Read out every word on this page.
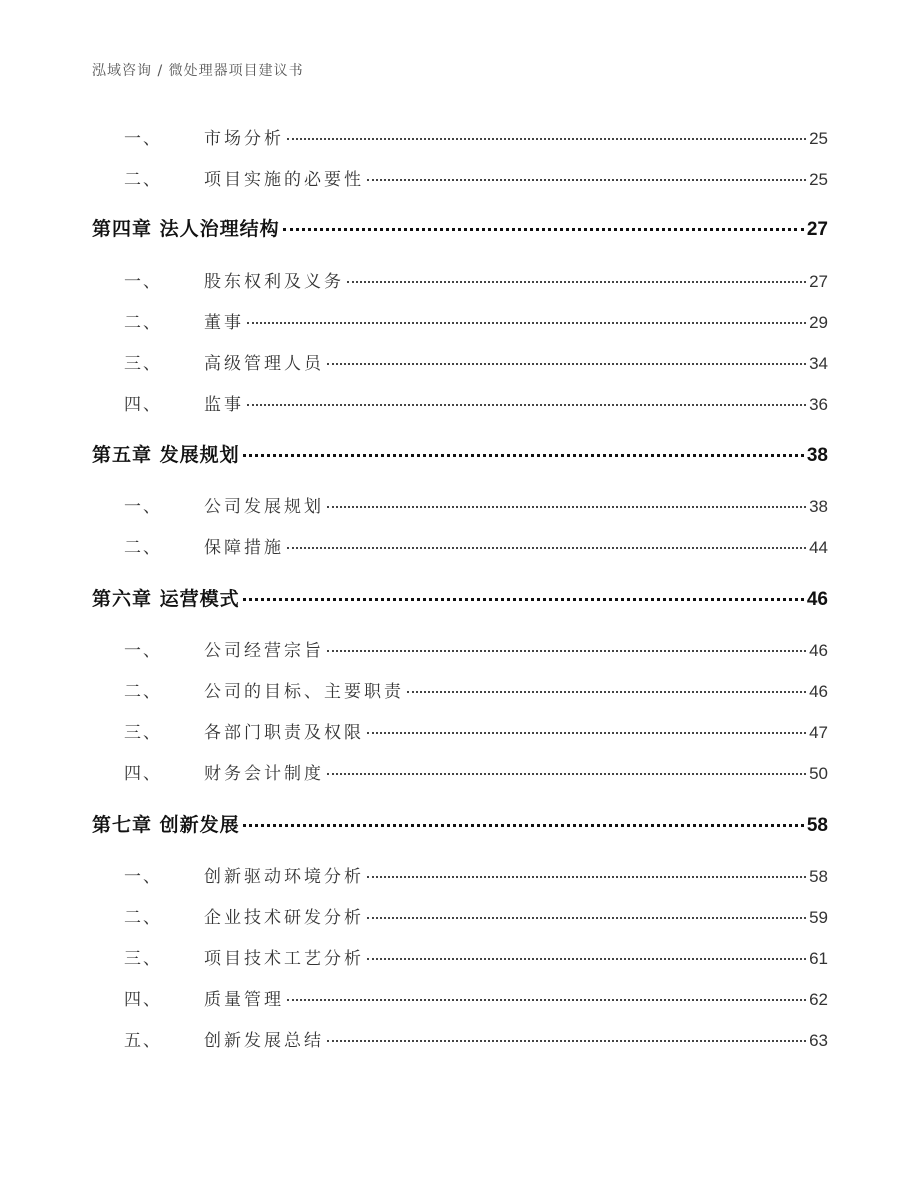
泓域咨询 / 微处理器项目建议书
一、	市场分析	25
二、	项目实施的必要性	25
第四章 法人治理结构	27
一、	股东权利及义务	27
二、	董事	29
三、	高级管理人员	34
四、	监事	36
第五章 发展规划	38
一、	公司发展规划	38
二、	保障措施	44
第六章 运营模式	46
一、	公司经营宗旨	46
二、	公司的目标、主要职责	46
三、	各部门职责及权限	47
四、	财务会计制度	50
第七章 创新发展	58
一、	创新驱动环境分析	58
二、	企业技术研发分析	59
三、	项目技术工艺分析	61
四、	质量管理	62
五、	创新发展总结	63
